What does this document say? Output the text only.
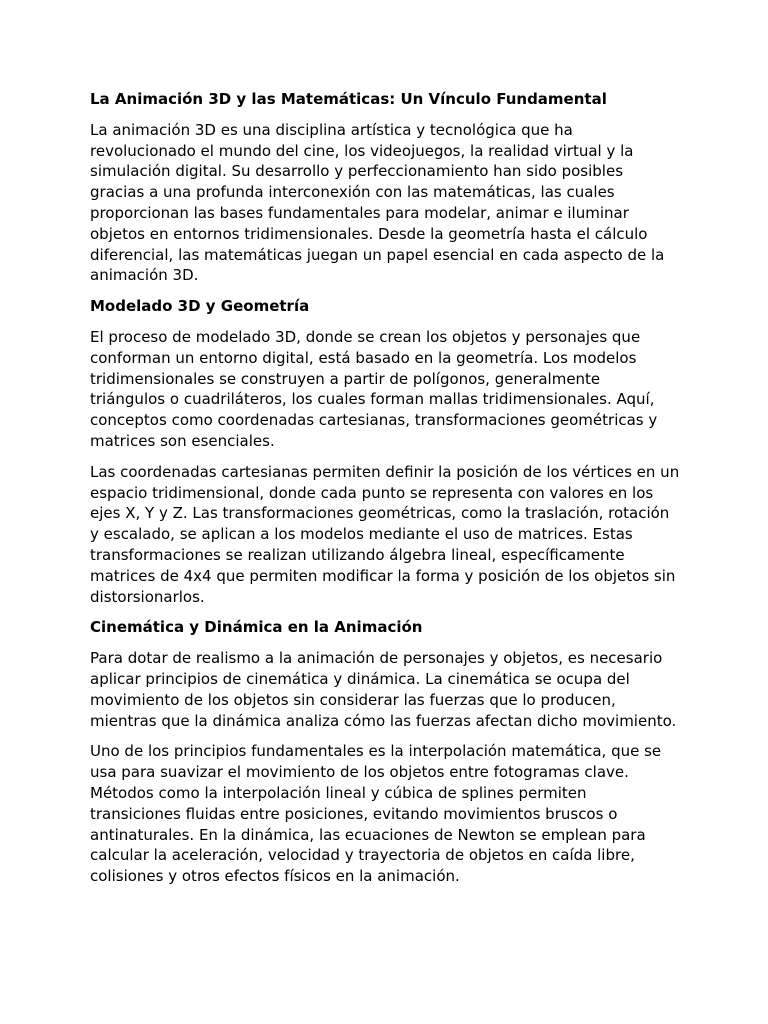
La Animación 3D y las Matemáticas: Un Vínculo Fundamental
La animación 3D es una disciplina artística y tecnológica que ha revolucionado el mundo del cine, los videojuegos, la realidad virtual y la simulación digital. Su desarrollo y perfeccionamiento han sido posibles gracias a una profunda interconexión con las matemáticas, las cuales proporcionan las bases fundamentales para modelar, animar e iluminar objetos en entornos tridimensionales. Desde la geometría hasta el cálculo diferencial, las matemáticas juegan un papel esencial en cada aspecto de la animación 3D.
Modelado 3D y Geometría
El proceso de modelado 3D, donde se crean los objetos y personajes que conforman un entorno digital, está basado en la geometría. Los modelos tridimensionales se construyen a partir de polígonos, generalmente triángulos o cuadriláteros, los cuales forman mallas tridimensionales. Aquí, conceptos como coordenadas cartesianas, transformaciones geométricas y matrices son esenciales.
Las coordenadas cartesianas permiten definir la posición de los vértices en un espacio tridimensional, donde cada punto se representa con valores en los ejes X, Y y Z. Las transformaciones geométricas, como la traslación, rotación y escalado, se aplican a los modelos mediante el uso de matrices. Estas transformaciones se realizan utilizando álgebra lineal, específicamente matrices de 4x4 que permiten modificar la forma y posición de los objetos sin distorsionarlos.
Cinemática y Dinámica en la Animación
Para dotar de realismo a la animación de personajes y objetos, es necesario aplicar principios de cinemática y dinámica. La cinemática se ocupa del movimiento de los objetos sin considerar las fuerzas que lo producen, mientras que la dinámica analiza cómo las fuerzas afectan dicho movimiento.
Uno de los principios fundamentales es la interpolación matemática, que se usa para suavizar el movimiento de los objetos entre fotogramas clave. Métodos como la interpolación lineal y cúbica de splines permiten transiciones fluidas entre posiciones, evitando movimientos bruscos o antinaturales. En la dinámica, las ecuaciones de Newton se emplean para calcular la aceleración, velocidad y trayectoria de objetos en caída libre, colisiones y otros efectos físicos en la animación.
